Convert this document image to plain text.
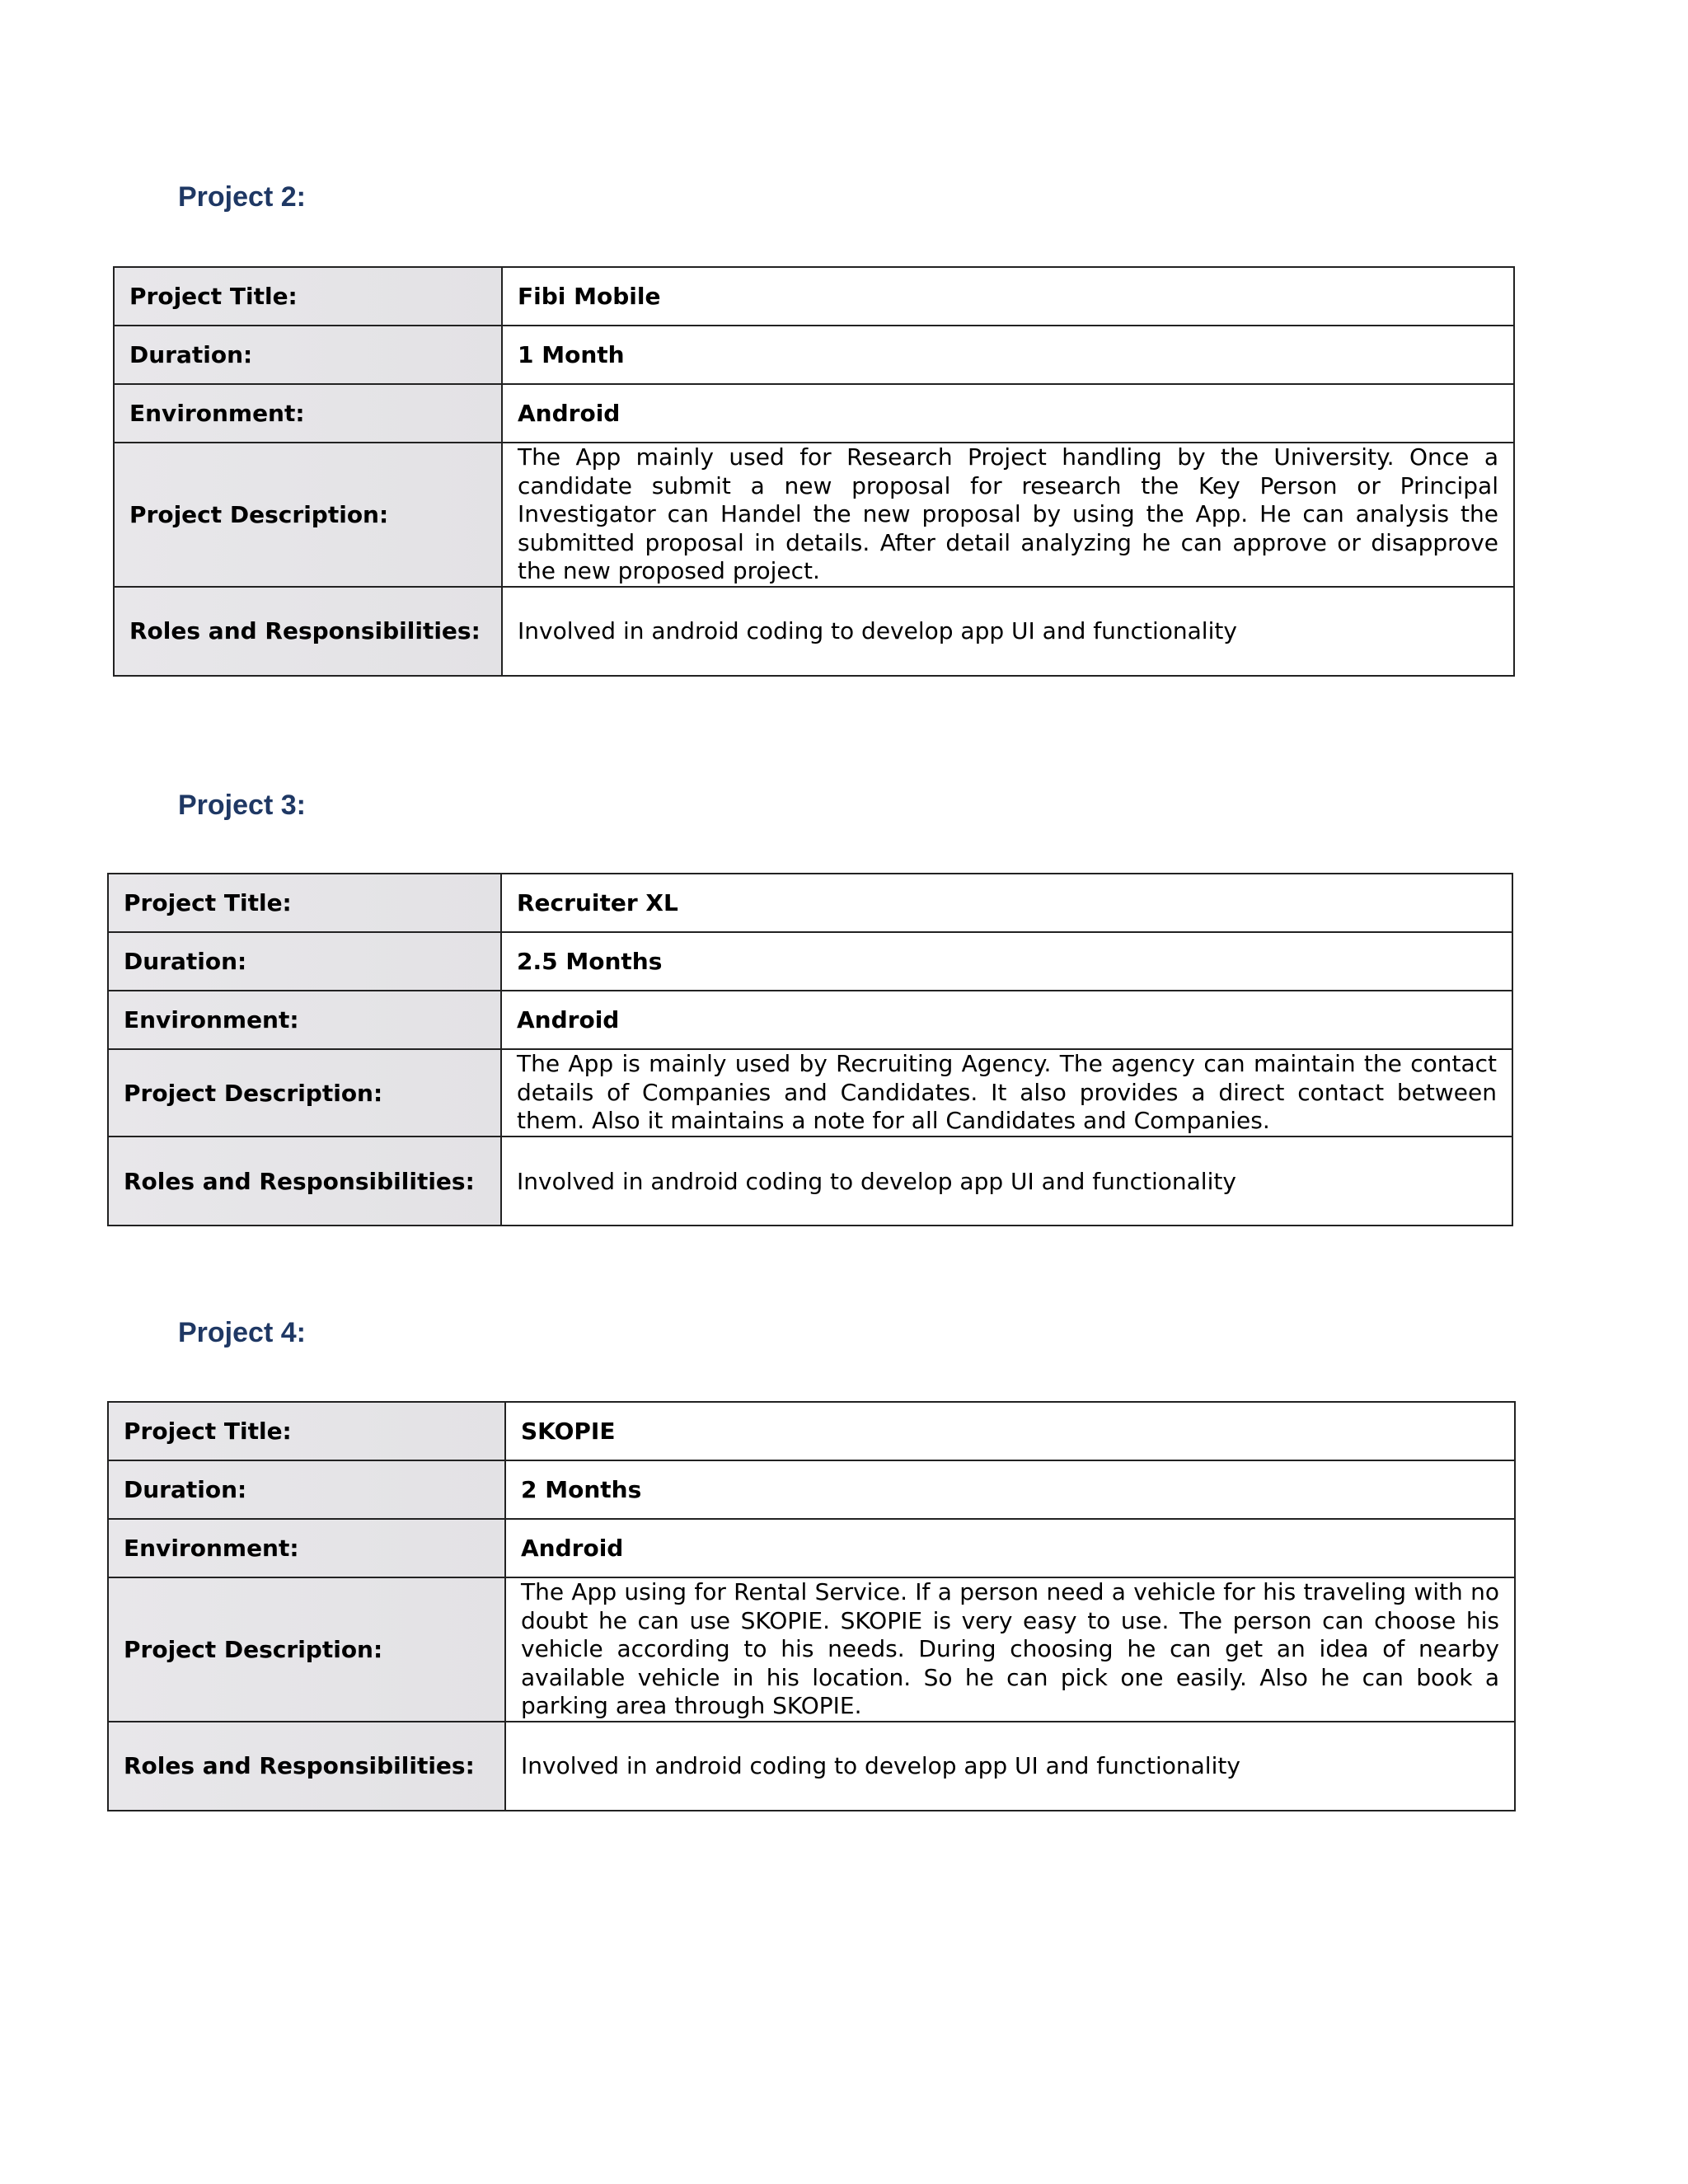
Project 2:
Project Title:	Fibi Mobile
Duration:	1 Month
Environment:	Android
Project Description:	The App mainly used for Research Project handling by the University. Once a candidate submit a new proposal for research the Key Person or Principal Investigator can Handel the new proposal by using the App. He can analysis the submitted proposal in details. After detail analyzing he can approve or disapprove the new proposed project.
Roles and Responsibilities:	Involved in android coding to develop app UI and functionality
Project 3:
Project Title:	Recruiter XL
Duration:	2.5 Months
Environment:	Android
Project Description:	The App is mainly used by Recruiting Agency. The agency can maintain the contact details of Companies and Candidates. It also provides a direct contact between them. Also it maintains a note for all Candidates and Companies.
Roles and Responsibilities:	Involved in android coding to develop app UI and functionality
Project 4:
Project Title:	SKOPIE
Duration:	2 Months
Environment:	Android
Project Description:	The App using for Rental Service. If a person need a vehicle for his traveling with no doubt he can use SKOPIE. SKOPIE is very easy to use. The person can choose his vehicle according to his needs. During choosing he can get an idea of nearby available vehicle in his location. So he can pick one easily. Also he can book a parking area through SKOPIE.
Roles and Responsibilities:	Involved in android coding to develop app UI and functionality
